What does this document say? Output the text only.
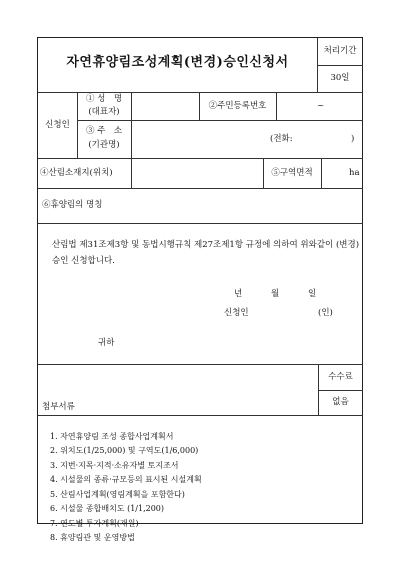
자연휴양림조성계획(변경)승인신청서
처리기간
30일
신청인
① 성　명
(대표자)
②주민등록번호	~
③ 주　소
(기관명)
(전화:	)
④산림소재지(위치)	⑤구역면적	ha
⑥휴양림의 명칭
산림법 제31조제3항 및 동법시행규칙 제27조제1항 규정에 의하여 위와같이 (변경)승인 신청합니다.
년	월	일
신청인	(인)
귀하
첨부서류
수수료
없음
1. 자연휴양림 조성 종합사업계획서
2. 위치도(1/25,000) 및 구역도(1/6,000)
3. 지번·지목·지적·소유자별 토지조서
4. 시설물의 종류·규모등의 표시된 시설계획
5. 산림사업계획(영림계획을 포함한다)
6. 시설물 종합배치도 (1/1,200)
7. 연도별 투자계획(재원)
8. 휴양림관 및 운영방법
